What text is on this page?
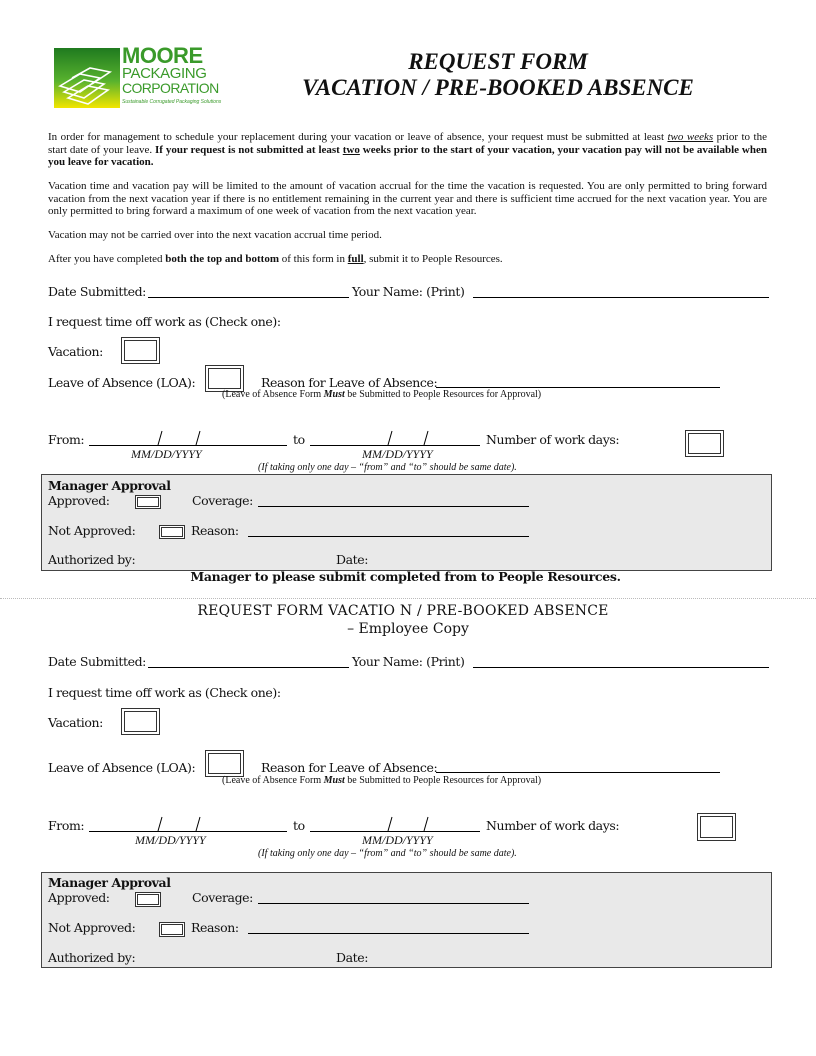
MOORE
PACKAGING
CORPORATION
Sustainable Corrugated Packaging Solutions
REQUEST FORM
VACATION / PRE-BOOKED ABSENCE
In order for management to schedule your replacement during your vacation or leave of absence, your request must be submitted at least two weeks prior to the start date of your leave. If your request is not submitted at least two weeks prior to the start of your vacation, your vacation pay will not be available when you leave for vacation.
Vacation time and vacation pay will be limited to the amount of vacation accrual for the time the vacation is requested. You are only permitted to bring forward vacation from the next vacation year if there is no entitlement remaining in the current year and there is sufficient time accrued for the next vacation year. You are only permitted to bring forward a maximum of one week of vacation from the next vacation year.
Vacation may not be carried over into the next vacation accrual time period.
After you have completed both the top and bottom of this form in full, submit it to People Resources.
Date Submitted:	Your Name: (Print)
I request time off work as (Check one):
Vacation:
Leave of Absence (LOA):	Reason for Leave of Absence:
(Leave of Absence Form Must be Submitted to People Resources for Approval)
From:
MM/DD/YYYY
to
MM/DD/YYYY
Number of work days:
(If taking only one day – “from” and “to” should be same date).
Manager Approval
Approved:	Coverage:
Not Approved:	Reason:
Authorized by:	Date:
Manager to please submit completed from to People Resources.
REQUEST FORM VACATIO N / PRE-BOOKED ABSENCE
– Employee Copy
Date Submitted:	Your Name: (Print)
I request time off work as (Check one):
Vacation:
Leave of Absence (LOA):	Reason for Leave of Absence:
(Leave of Absence Form Must be Submitted to People Resources for Approval)
From:
MM/DD/YYYY
to
MM/DD/YYYY
Number of work days:
(If taking only one day – “from” and “to” should be same date).
Manager Approval
Approved:	Coverage:
Not Approved:	Reason:
Authorized by:	Date:
